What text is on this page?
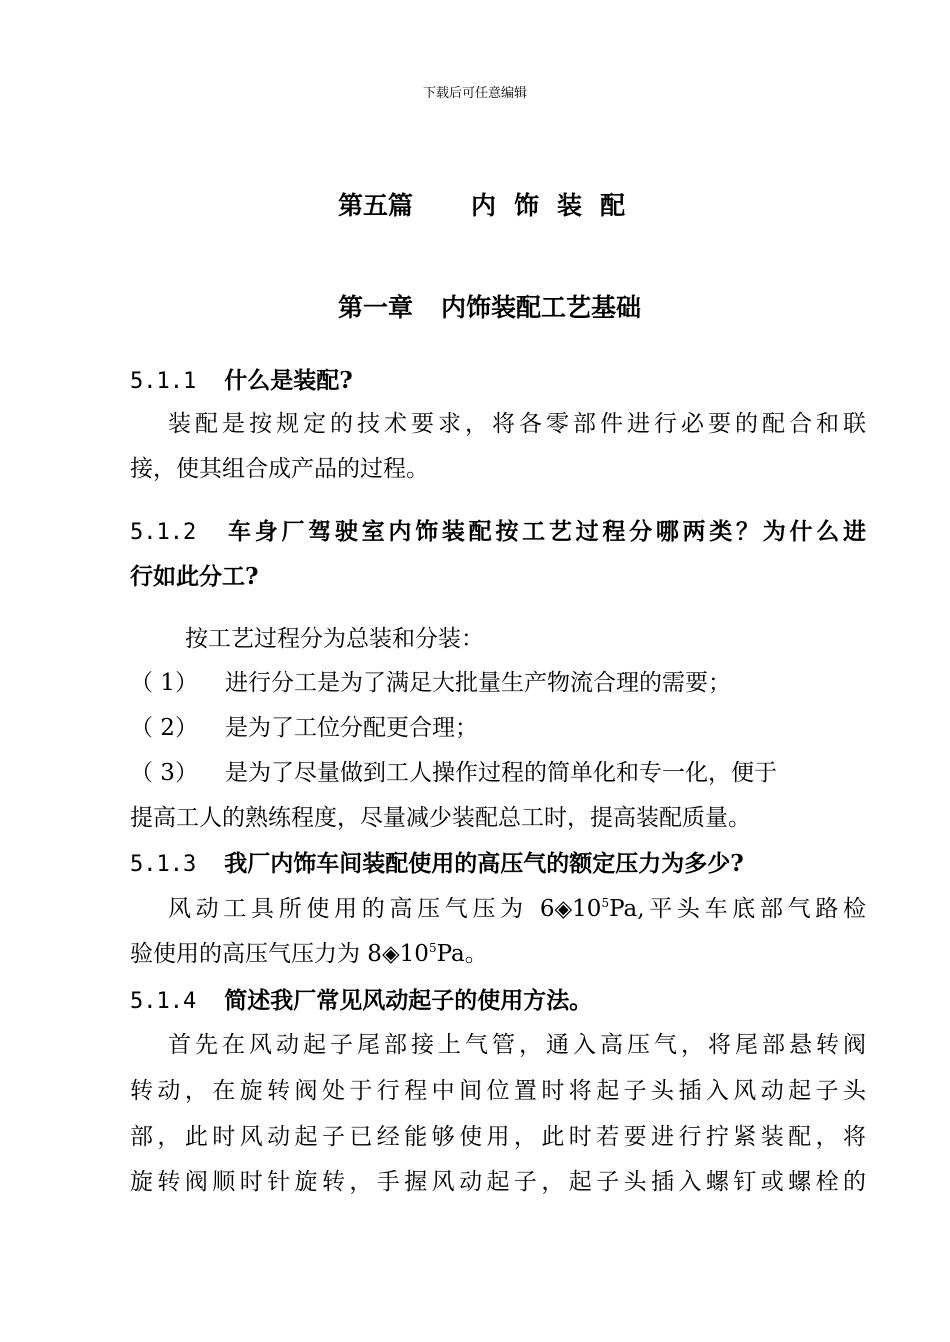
下载后可任意编辑
第五篇 内 饰 装 配
第一章 内饰装配工艺基础
5.1.1 什么是装配?
装配是按规定的技术要求，将各零部件进行必要的配合和联
接，使其组合成产品的过程。
5.1.2 车身厂驾驶室内饰装配按工艺过程分哪两类？为什么进
行如此分工?
按工艺过程分为总装和分装：
（ 1） 进行分工是为了满足大批量生产物流合理的需要；
（ 2） 是为了工位分配更合理；
（ 3） 是为了尽量做到工人操作过程的简单化和专一化，便于
提高工人的熟练程度，尽量减少装配总工时，提高装配质量。
5.1.3 我厂内饰车间装配使用的高压气的额定压力为多少?
风动工具所使用的高压气压为 $6◈10^5Pa$,平头车底部气路检
验使用的高压气压力为 $8◈10^5Pa$。
5.1.4 简述我厂常见风动起子的使用方法。
首先在风动起子尾部接上气管，通入高压气，将尾部悬转阀
转动，在旋转阀处于行程中间位置时将起子头插入风动起子头
部，此时风动起子已经能够使用，此时若要进行拧紧装配，将
旋转阀顺时针旋转，手握风动起子，起子头插入螺钉或螺栓的
